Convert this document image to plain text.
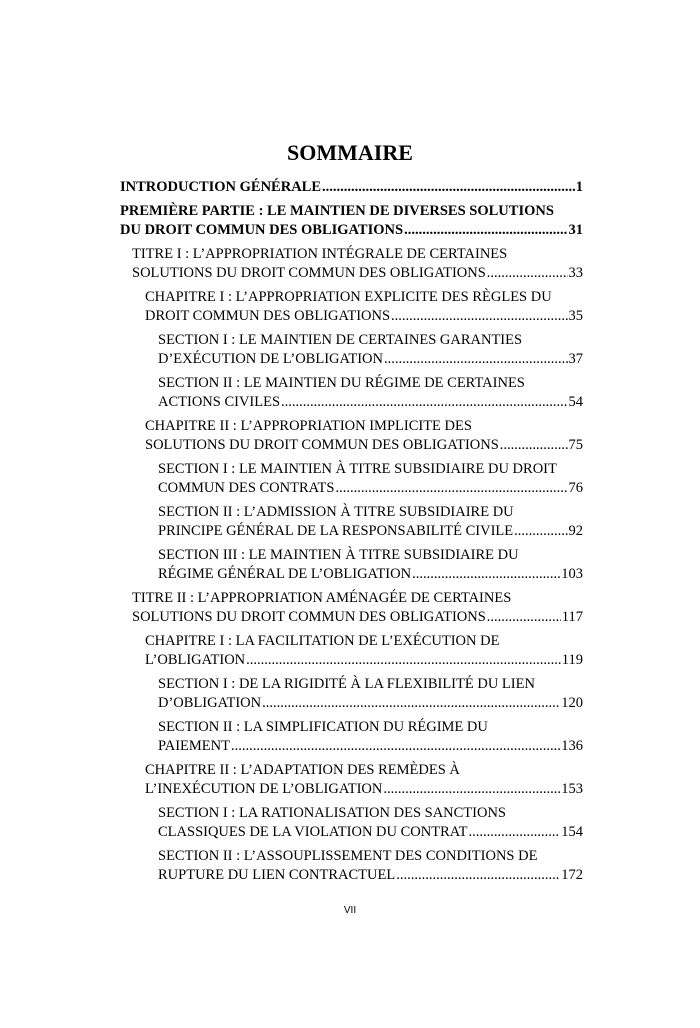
SOMMAIRE
INTRODUCTION GÉNÉRALE .....	1
PREMIÈRE PARTIE : LE MAINTIEN DE DIVERSES SOLUTIONS
DU DROIT COMMUN DES OBLIGATIONS .....	31
TITRE I : L’APPROPRIATION INTÉGRALE DE CERTAINES
SOLUTIONS DU DROIT COMMUN DES OBLIGATIONS .....	33
CHAPITRE I : L’APPROPRIATION EXPLICITE DES RÈGLES DU
DROIT COMMUN DES OBLIGATIONS .....	35
SECTION I : LE MAINTIEN DE CERTAINES GARANTIES
D’EXÉCUTION DE L’OBLIGATION .....	37
SECTION II : LE MAINTIEN DU RÉGIME DE CERTAINES
ACTIONS CIVILES .....	54
CHAPITRE II : L’APPROPRIATION IMPLICITE DES
SOLUTIONS DU DROIT COMMUN DES OBLIGATIONS .....	75
SECTION I : LE MAINTIEN À TITRE SUBSIDIAIRE DU DROIT
COMMUN DES CONTRATS .....	76
SECTION II : L’ADMISSION À TITRE SUBSIDIAIRE DU
PRINCIPE GÉNÉRAL DE LA RESPONSABILITÉ CIVILE .....	92
SECTION III : LE MAINTIEN À TITRE SUBSIDIAIRE DU
RÉGIME GÉNÉRAL DE L’OBLIGATION .....	103
TITRE II : L’APPROPRIATION AMÉNAGÉE DE CERTAINES
SOLUTIONS DU DROIT COMMUN DES OBLIGATIONS .....	117
CHAPITRE I : LA FACILITATION DE L’EXÉCUTION DE
L’OBLIGATION .....	119
SECTION I : DE LA RIGIDITÉ À LA FLEXIBILITÉ DU LIEN
D’OBLIGATION .....	120
SECTION II : LA SIMPLIFICATION DU RÉGIME DU
PAIEMENT .....	136
CHAPITRE II : L’ADAPTATION DES REMÈDES À
L’INEXÉCUTION DE L’OBLIGATION .....	153
SECTION I : LA RATIONALISATION DES SANCTIONS
CLASSIQUES DE LA VIOLATION DU CONTRAT .....	154
SECTION II : L’ASSOUPLISSEMENT DES CONDITIONS DE
RUPTURE DU LIEN CONTRACTUEL .....	172
VII
